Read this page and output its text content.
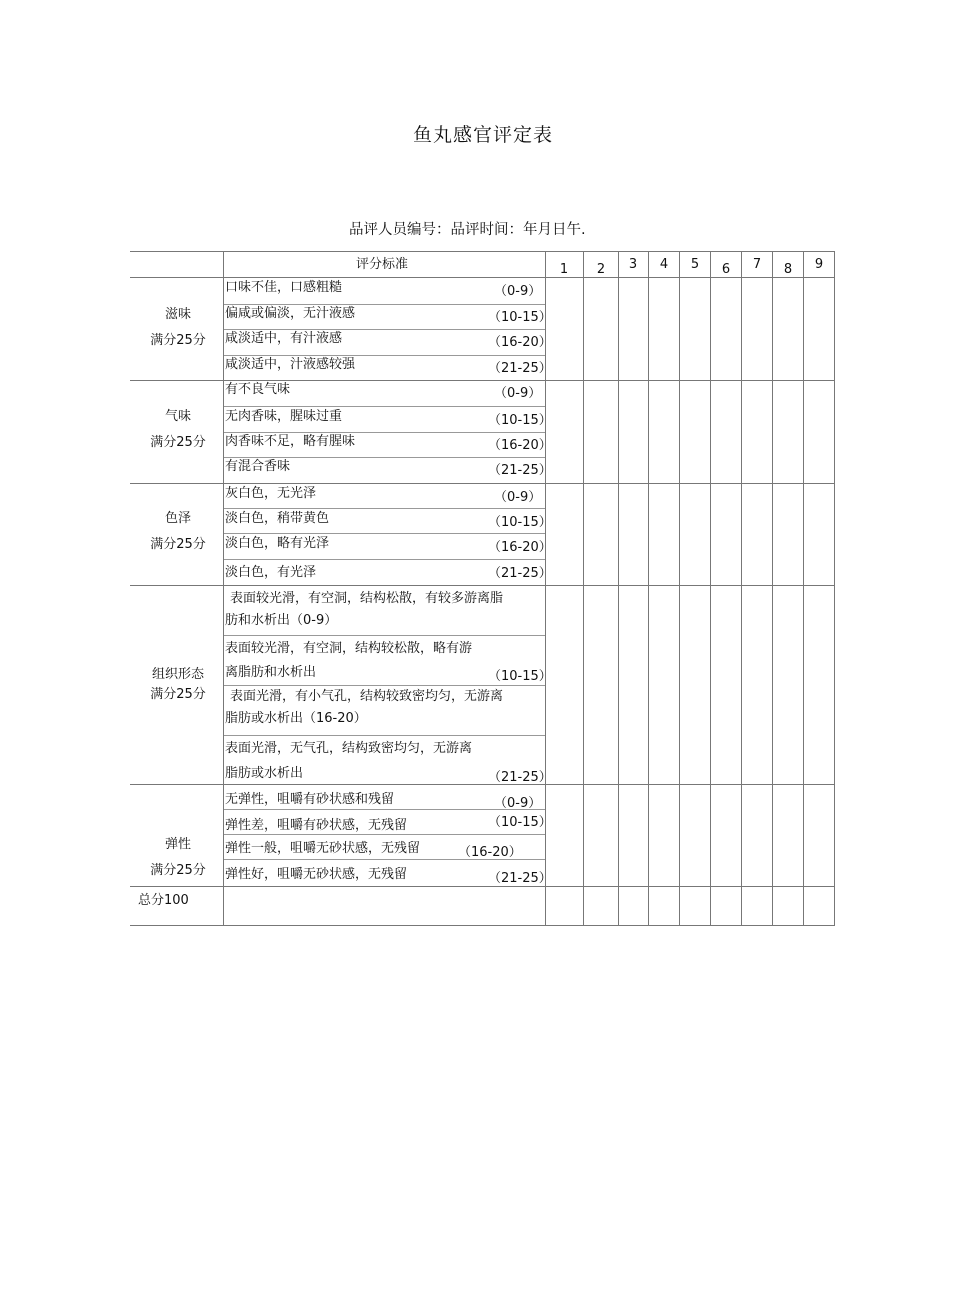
鱼丸感官评定表
品评人员编号：品评时间：年月日午.
评分标准	1	2	3	4	5	6	7	8	9
滋味
满分25分
口味不佳，口感粗糙	（0-9）
偏咸或偏淡，无汁液感	（10-15）
咸淡适中，有汁液感	（16-20）
咸淡适中，汁液感较强	（21-25）
气味
满分25分
有不良气味	（0-9）
无肉香味，腥味过重	（10-15）
肉香味不足，略有腥味	（16-20）
有混合香味	（21-25）
色泽
满分25分
灰白色，无光泽	（0-9）
淡白色，稍带黄色	（10-15）
淡白色，略有光泽	（16-20）
淡白色，有光泽	（21-25）
组织形态
满分25分
表面较光滑，有空洞，结构松散，有较多游离脂
肪和水析出（0-9）
表面较光滑，有空洞，结构较松散，略有游
离脂肪和水析出	（10-15）
表面光滑，有小气孔，结构较致密均匀，无游离
脂肪或水析出（16-20）
表面光滑，无气孔，结构致密均匀，无游离
脂肪或水析出	（21-25）
弹性
满分25分
无弹性，咀嚼有砂状感和残留	（0-9）
弹性差，咀嚼有砂状感，无残留	（10-15）
弹性一般，咀嚼无砂状感，无残留	（16-20）
弹性好，咀嚼无砂状感，无残留	（21-25）
总分100
